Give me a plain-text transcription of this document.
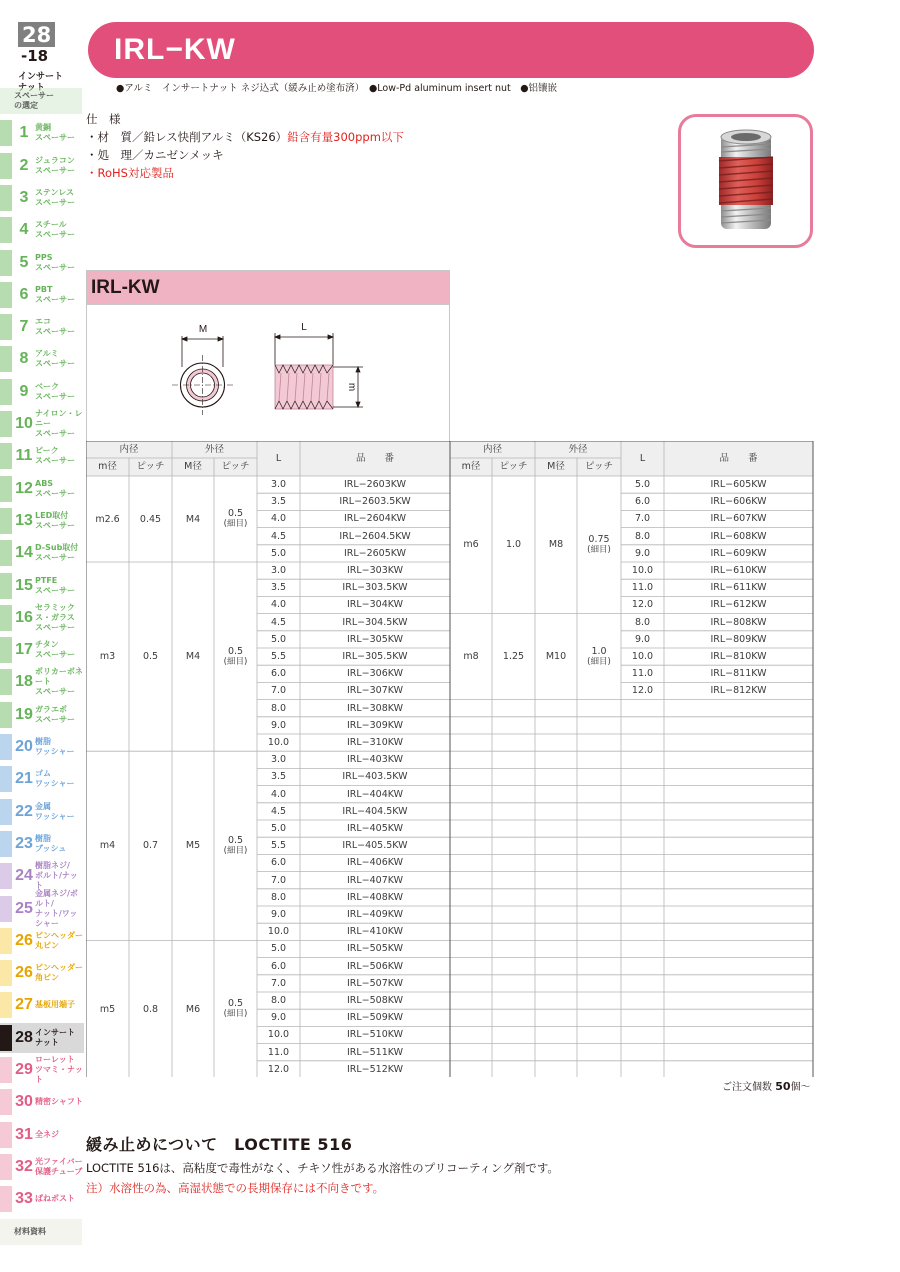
28-18
インサート
ナット
スペーサー
の選定
1 黄銅
スペーサー
2 ジュラコン
スペーサー
3 ステンレス
スペーサー
4 スチール
スペーサー
5 PPS
スペーサー
6 PBT
スペーサー
7 エコ
スペーサー
8 アルミ
スペーサー
9 ベーク
スペーサー
10
ナイロン・レニー
スペーサー
11 ピーク
スペーサー
12 ABS
スペーサー
13 LED取付
スペーサー
14 D-Sub取付
スペーサー
15 PTFE
スペーサー
16
セラミックス・ガラス
スペーサー
17 チタン
スペーサー
18
ポリカーボネート
スペーサー
19 ガラエポ
スペーサー
20 樹脂
ワッシャー
21 ゴム
ワッシャー
22 金属
ワッシャー
23 樹脂
ブッシュ
24
樹脂ネジ/
ボルト/ナット
25
金属ネジ/ボルト/
ナット/ワッシャー
26 ピンヘッダー
丸ピン
26 ピンヘッダー
角ピン
27 基板用端子
28 インサート
ナット
29
ローレット
ツマミ・ナット
30 精密シャフト
31 全ネジ
32 光ファイバー
保護チューブ
33 ばねポスト
材料資料
IRL−KW
●アルミ　インサートナット ネジ込式（緩み止め塗布済）　●Low-Pd aluminum insert nut　●铝镶嵌
仕　様
・材　質／鉛レス快削アルミ（KS26）鉛含有量300ppm以下
・処　理／カニゼンメッキ
・RoHS対応製品
IRL-KW
M	L
m
内径	外径
L	品　　番
m径	ピッチ	M径	ピッチ
m2.6	0.45	M4	0.5
(細目)
3.0	IRL−2603KW
3.5	IRL−2603.5KW
4.0	IRL−2604KW
4.5	IRL−2604.5KW
5.0	IRL−2605KW
m3	0.5	M4	0.5
(細目)
3.0	IRL−303KW
3.5	IRL−303.5KW
4.0	IRL−304KW
4.5	IRL−304.5KW
5.0	IRL−305KW
5.5	IRL−305.5KW
6.0	IRL−306KW
7.0	IRL−307KW
8.0	IRL−308KW
9.0	IRL−309KW
10.0	IRL−310KW
m4	0.7	M5	0.5
(細目)
3.0	IRL−403KW
3.5	IRL−403.5KW
4.0	IRL−404KW
4.5	IRL−404.5KW
5.0	IRL−405KW
5.5	IRL−405.5KW
6.0	IRL−406KW
7.0	IRL−407KW
8.0	IRL−408KW
9.0	IRL−409KW
10.0	IRL−410KW
m5	0.8	M6	0.5
(細目)
5.0	IRL−505KW
6.0	IRL−506KW
7.0	IRL−507KW
8.0	IRL−508KW
9.0	IRL−509KW
10.0	IRL−510KW
11.0	IRL−511KW
12.0	IRL−512KW
内径	外径
L	品　　番
m径	ピッチ	M径	ピッチ
m6	1.0	M8	0.75
(細目)
5.0	IRL−605KW
6.0	IRL−606KW
7.0	IRL−607KW
8.0	IRL−608KW
9.0	IRL−609KW
10.0	IRL−610KW
11.0	IRL−611KW
12.0	IRL−612KW
m8	1.25	M10	1.0
(細目)
8.0	IRL−808KW
9.0	IRL−809KW
10.0	IRL−810KW
11.0	IRL−811KW
12.0	IRL−812KW
ご注文個数 50個〜
緩み止めについて　LOCTITE 516
LOCTITE 516は、高粘度で毒性がなく、チキソ性がある水溶性のプリコーティング剤です。
注）水溶性の為、高湿状態での長期保存には不向きです。
